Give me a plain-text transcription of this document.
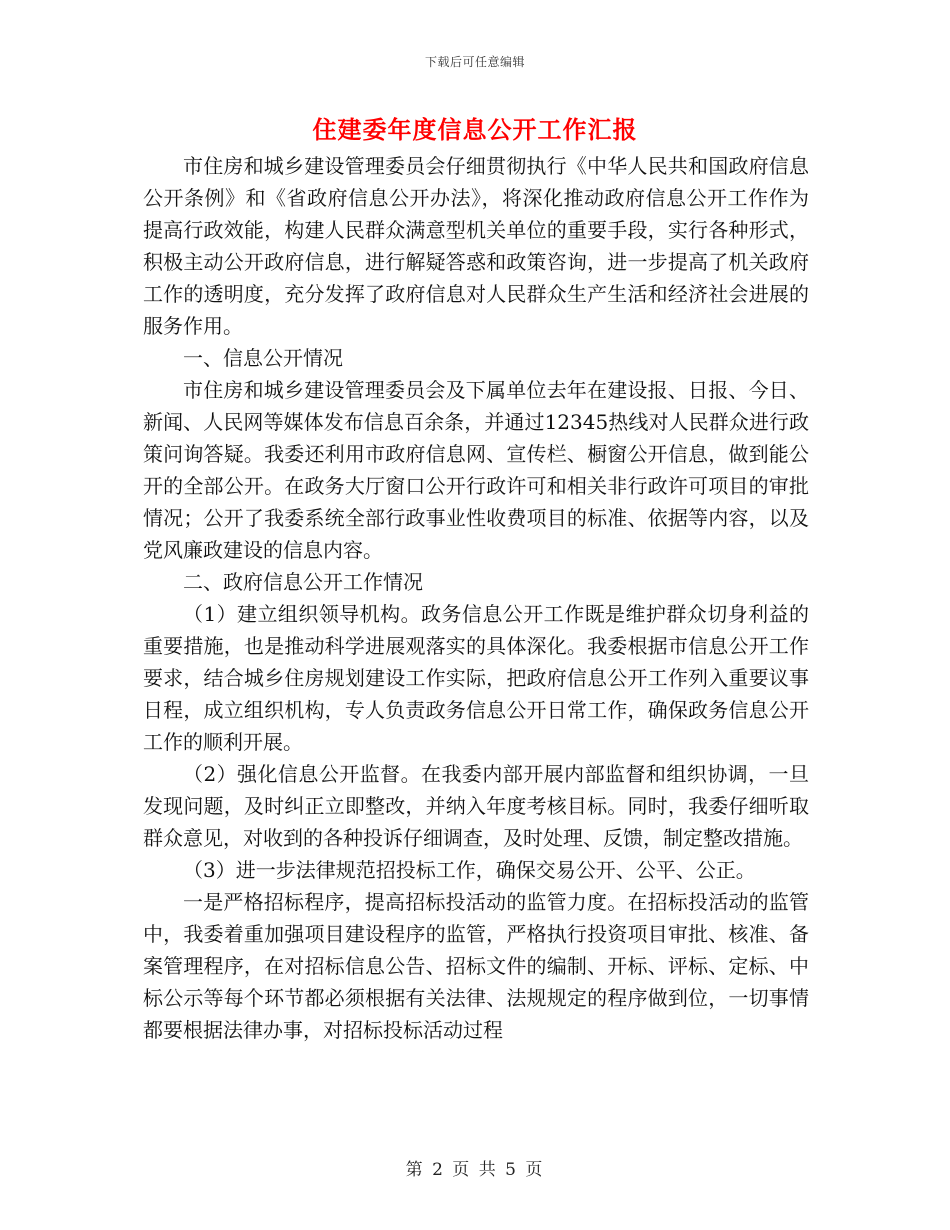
下载后可任意编辑
住建委年度信息公开工作汇报

市住房和城乡建设管理委员会仔细贯彻执行《中华人民共和国政府信息公开条例》和《省政府信息公开办法》，将深化推动政府信息公开工作作为提高行政效能，构建人民群众满意型机关单位的重要手段，实行各种形式，积极主动公开政府信息，进行解疑答惑和政策咨询，进一步提高了机关政府工作的透明度，充分发挥了政府信息对人民群众生产生活和经济社会进展的服务作用。

一、信息公开情况

市住房和城乡建设管理委员会及下属单位去年在建设报、日报、今日、新闻、人民网等媒体发布信息百余条，并通过12345热线对人民群众进行政策问询答疑。我委还利用市政府信息网、宣传栏、橱窗公开信息，做到能公开的全部公开。在政务大厅窗口公开行政许可和相关非行政许可项目的审批情况；公开了我委系统全部行政事业性收费项目的标准、依据等内容，以及党风廉政建设的信息内容。

二、政府信息公开工作情况

（1）建立组织领导机构。政务信息公开工作既是维护群众切身利益的重要措施，也是推动科学进展观落实的具体深化。我委根据市信息公开工作要求，结合城乡住房规划建设工作实际，把政府信息公开工作列入重要议事日程，成立组织机构，专人负责政务信息公开日常工作，确保政务信息公开工作的顺利开展。

（2）强化信息公开监督。在我委内部开展内部监督和组织协调，一旦发现问题，及时纠正立即整改，并纳入年度考核目标。同时，我委仔细听取群众意见，对收到的各种投诉仔细调查，及时处理、反馈，制定整改措施。

（3）进一步法律规范招投标工作，确保交易公开、公平、公正。

一是严格招标程序，提高招标投活动的监管力度。在招标投活动的监管中，我委着重加强项目建设程序的监管，严格执行投资项目审批、核准、备案管理程序，在对招标信息公告、招标文件的编制、开标、评标、定标、中标公示等每个环节都必须根据有关法律、法规规定的程序做到位，一切事情都要根据法律办事，对招标投标活动过程

第 2 页 共 5 页
